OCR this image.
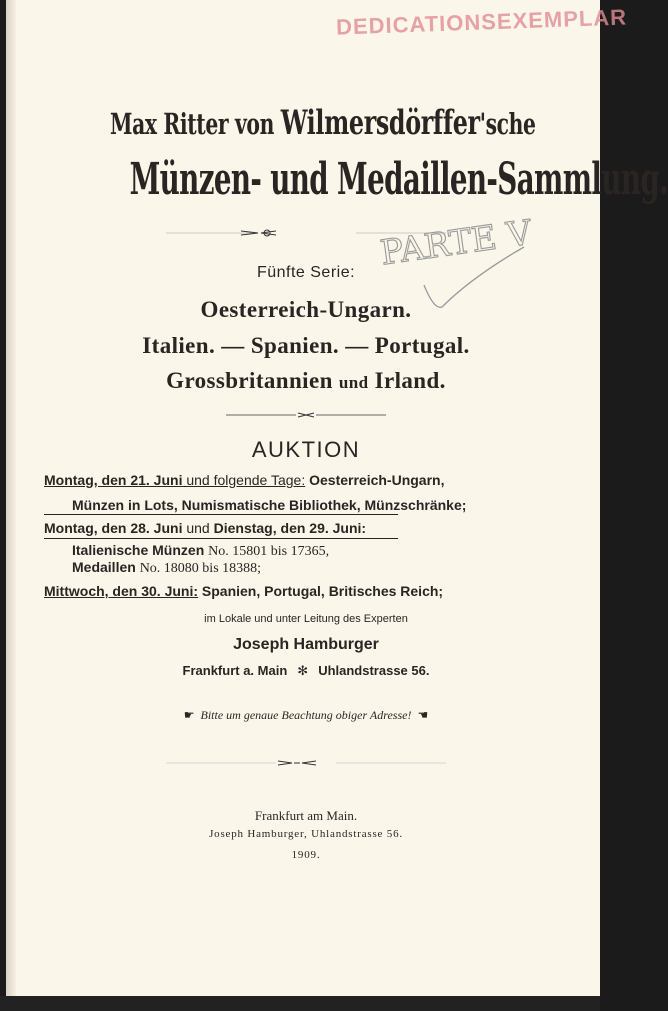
DEDICATIONSEXEMPLAR
Max Ritter von Wilmersdörffer'sche
Münzen- und Medaillen-Sammlung.
PARTE V
Fünfte Serie:
Oesterreich-Ungarn.
Italien. — Spanien. — Portugal.
Grossbritannien und Irland.
AUKTION
Montag, den 21. Juni und folgende Tage: Oesterreich-Ungarn,
Münzen in Lots, Numismatische Bibliothek, Münzschränke;
Montag, den 28. Juni und Dienstag, den 29. Juni:
Italienische Münzen No. 15801 bis 17365,
Medaillen No. 18080 bis 18388;
Mittwoch, den 30. Juni: Spanien, Portugal, Britisches Reich;
im Lokale und unter Leitung des Experten
Joseph Hamburger
Frankfurt a. Main ✻ Uhlandstrasse 56.
☛ Bitte um genaue Beachtung obiger Adresse! ☚
Frankfurt am Main.
Joseph Hamburger, Uhlandstrasse 56.
1909.
